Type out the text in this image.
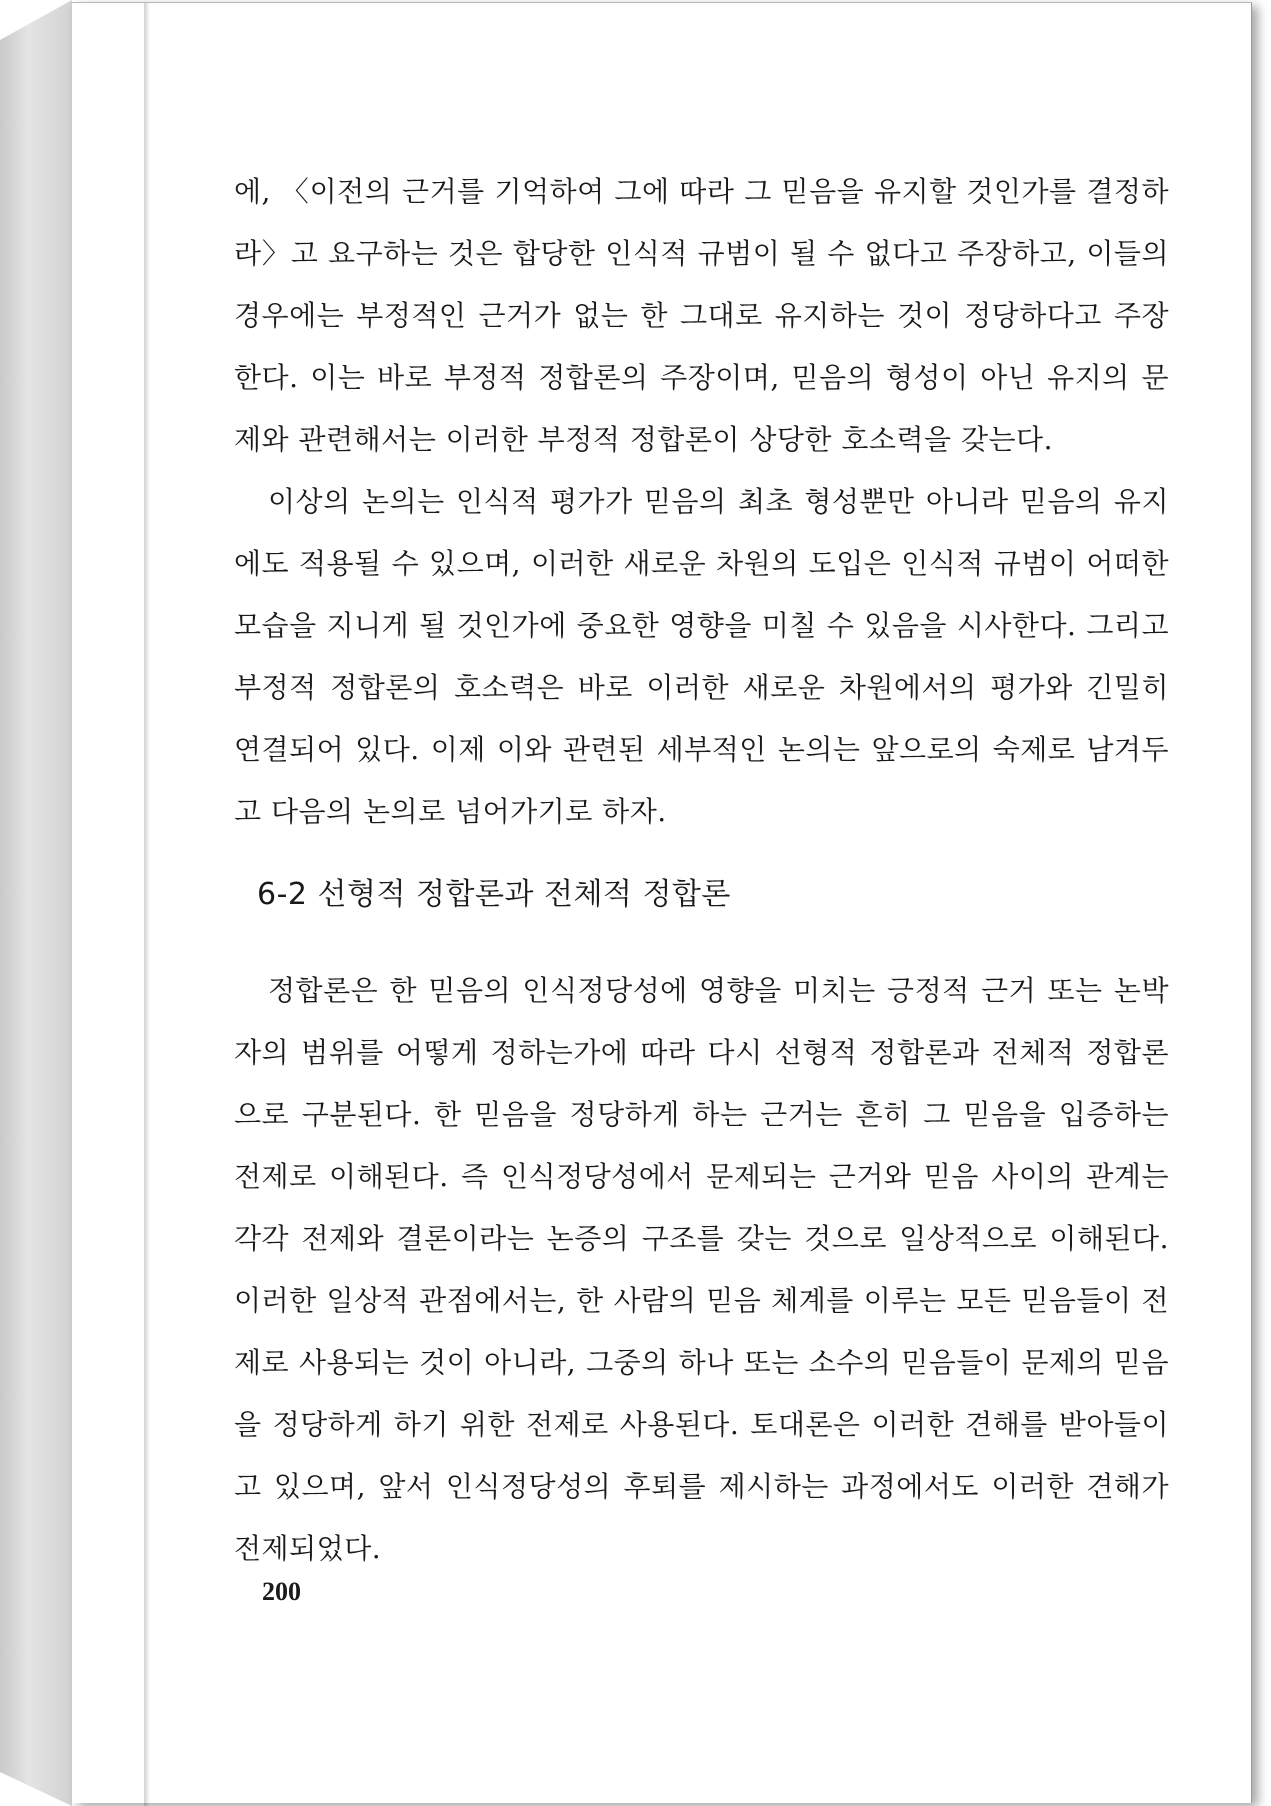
에, 〈이전의 근거를 기억하여 그에 따라 그 믿음을 유지할 것인가를 결정하라〉고 요구하는 것은 합당한 인식적 규범이 될 수 없다고 주장하고, 이들의 경우에는 부정적인 근거가 없는 한 그대로 유지하는 것이 정당하다고 주장한다. 이는 바로 부정적 정합론의 주장이며, 믿음의 형성이 아닌 유지의 문제와 관련해서는 이러한 부정적 정합론이 상당한 호소력을 갖는다.

이상의 논의는 인식적 평가가 믿음의 최초 형성뿐만 아니라 믿음의 유지에도 적용될 수 있으며, 이러한 새로운 차원의 도입은 인식적 규범이 어떠한 모습을 지니게 될 것인가에 중요한 영향을 미칠 수 있음을 시사한다. 그리고 부정적 정합론의 호소력은 바로 이러한 새로운 차원에서의 평가와 긴밀히 연결되어 있다. 이제 이와 관련된 세부적인 논의는 앞으로의 숙제로 남겨두고 다음의 논의로 넘어가기로 하자.

6-2 선형적 정합론과 전체적 정합론

정합론은 한 믿음의 인식정당성에 영향을 미치는 긍정적 근거 또는 논박자의 범위를 어떻게 정하는가에 따라 다시 선형적 정합론과 전체적 정합론으로 구분된다. 한 믿음을 정당하게 하는 근거는 흔히 그 믿음을 입증하는 전제로 이해된다. 즉 인식정당성에서 문제되는 근거와 믿음 사이의 관계는 각각 전제와 결론이라는 논증의 구조를 갖는 것으로 일상적으로 이해된다. 이러한 일상적 관점에서는, 한 사람의 믿음 체계를 이루는 모든 믿음들이 전제로 사용되는 것이 아니라, 그중의 하나 또는 소수의 믿음들이 문제의 믿음을 정당하게 하기 위한 전제로 사용된다. 토대론은 이러한 견해를 받아들이고 있으며, 앞서 인식정당성의 후퇴를 제시하는 과정에서도 이러한 견해가 전제되었다.

200
